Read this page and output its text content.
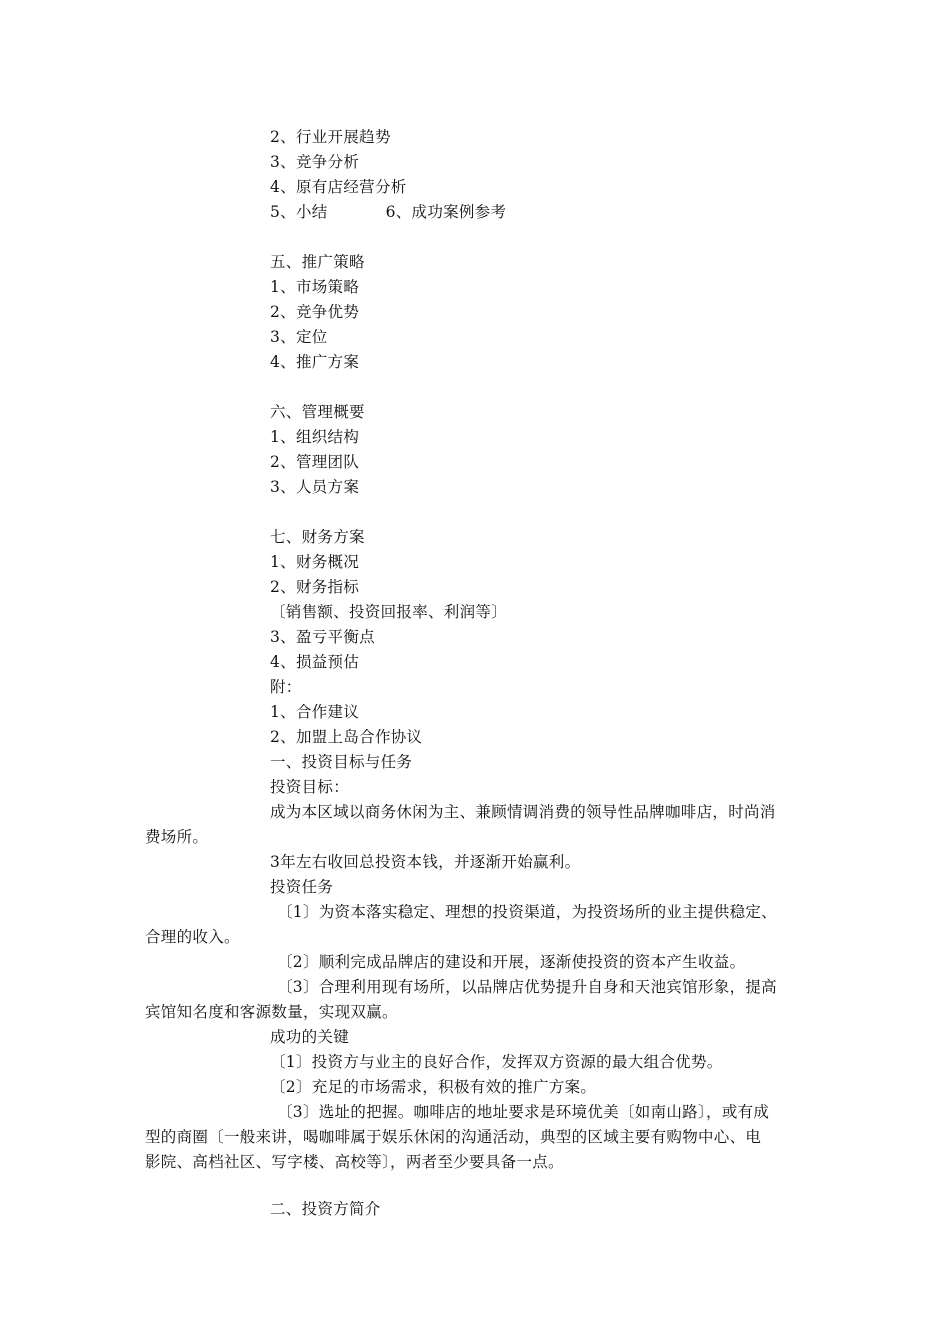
2、行业开展趋势
3、竞争分析
4、原有店经营分析
5、小结	6、成功案例参考
五、推广策略
1、市场策略
2、竞争优势
3、定位
4、推广方案
六、管理概要
1、组织结构
2、管理团队
3、人员方案
七、财务方案
1、财务概况
2、财务指标
〔销售额、投资回报率、利润等〕
3、盈亏平衡点
4、损益预估
附：
1、合作建议
2、加盟上岛合作协议
一、投资目标与任务
投资目标：
成为本区域以商务休闲为主、兼顾情调消费的领导性品牌咖啡店，时尚消
费场所。
3年左右收回总投资本钱，并逐渐开始赢利。
投资任务
〔1〕为资本落实稳定、理想的投资渠道，为投资场所的业主提供稳定、
合理的收入。
〔2〕顺利完成品牌店的建设和开展，逐渐使投资的资本产生收益。
〔3〕合理利用现有场所，以品牌店优势提升自身和天池宾馆形象，提高
宾馆知名度和客源数量，实现双赢。
成功的关键
〔1〕投资方与业主的良好合作，发挥双方资源的最大组合优势。
〔2〕充足的市场需求，积极有效的推广方案。
〔3〕选址的把握。咖啡店的地址要求是环境优美〔如南山路〕，或有成
型的商圈〔一般来讲，喝咖啡属于娱乐休闲的沟通活动，典型的区域主要有购物中心、电
影院、高档社区、写字楼、高校等〕，两者至少要具备一点。
二、投资方简介
